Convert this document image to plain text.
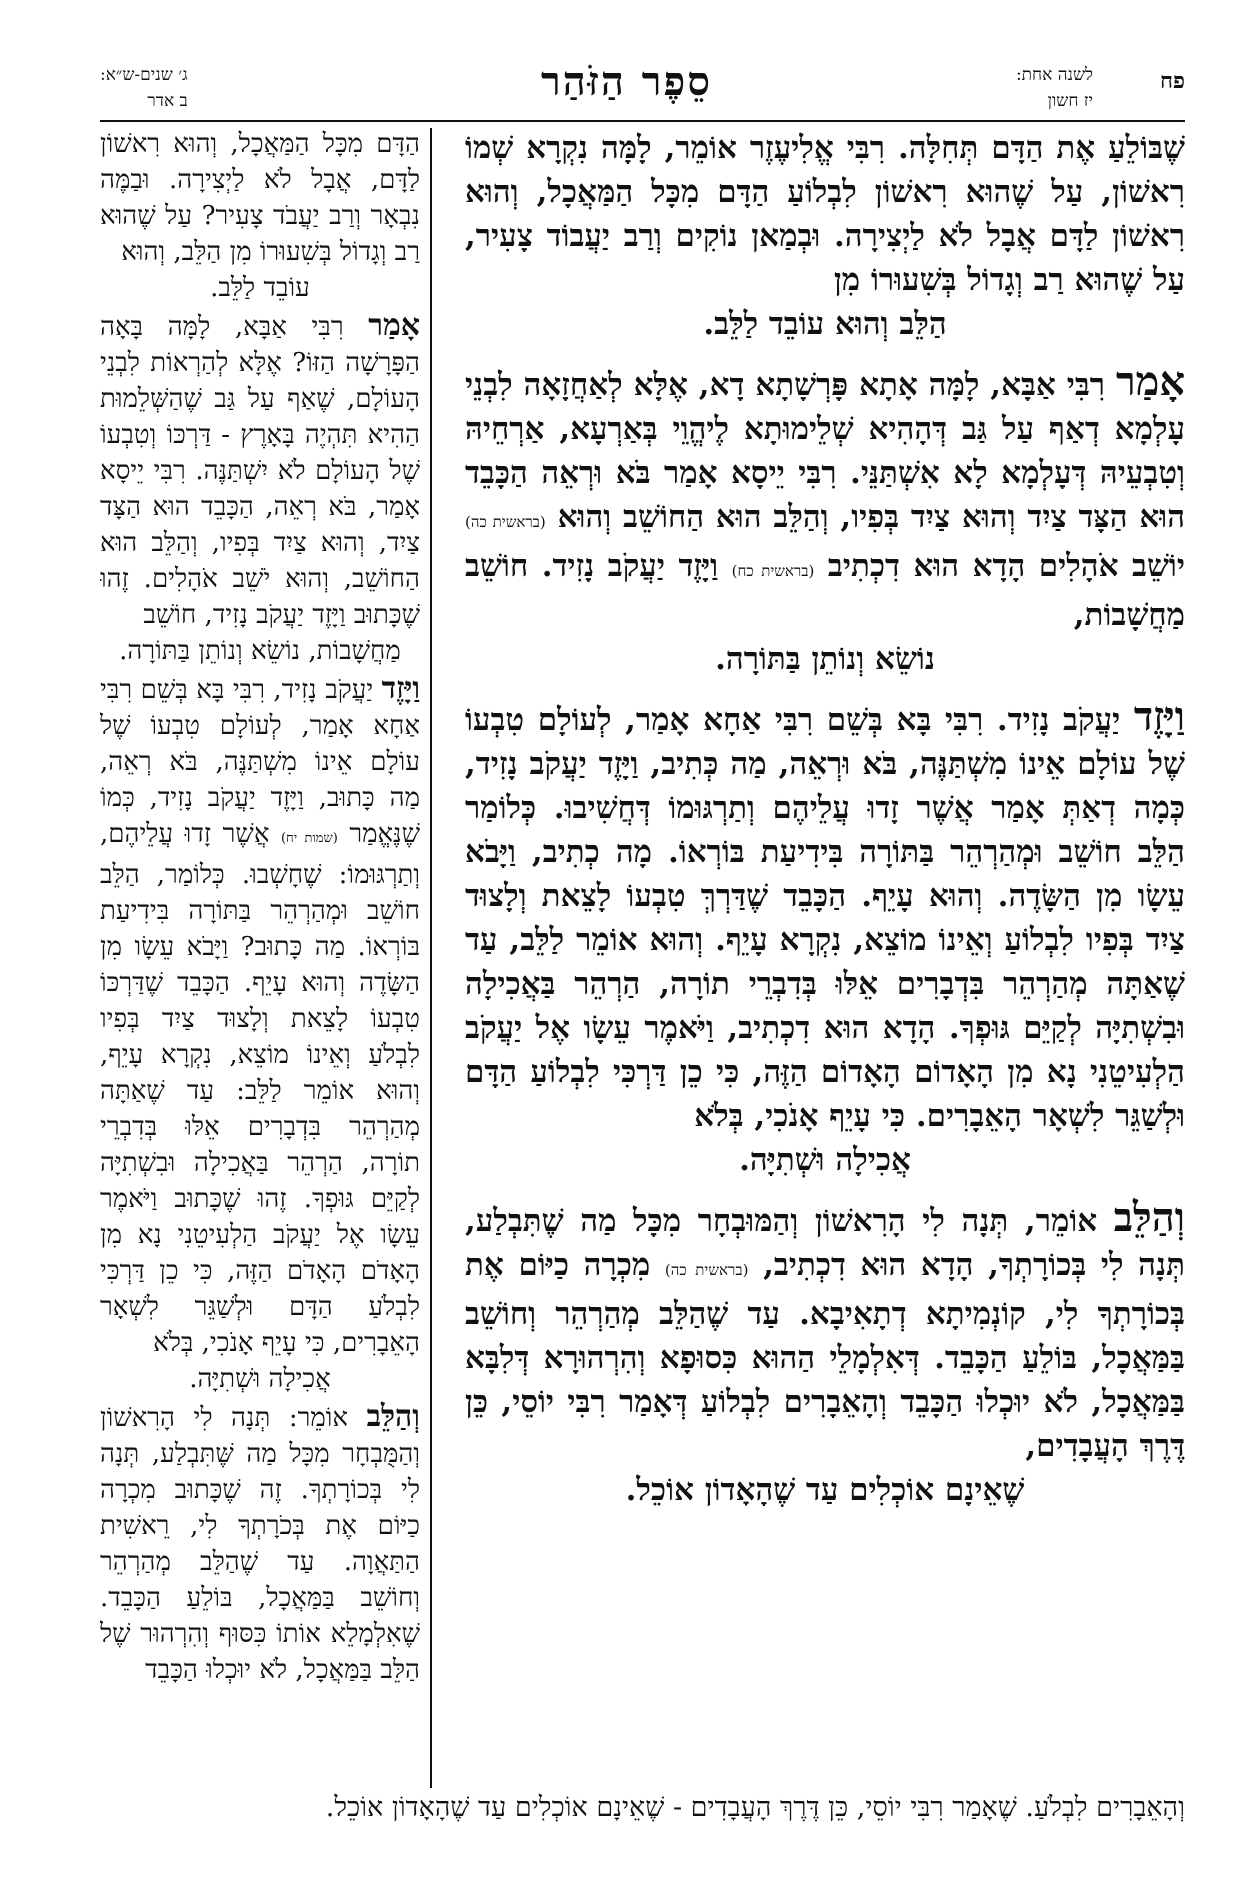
פח
לשנה אחת:
יז חשון
סֵפֶר הַזֹּהַר
ג׳ שנים-ש״א:
ב אדר

שֶׁבּוֹלֵעַ אֶת הַדָּם תְּחִלָּה. רִבִּי אֱלִיעֶזֶר אוֹמֵר, לָמָּה נִקְרָא שְׁמוֹ רִאשׁוֹן, עַל שֶׁהוּא רִאשׁוֹן לִבְלוֹעַ הַדָּם מִכָּל הַמַּאֲכָל, וְהוּא רִאשׁוֹן לַדָּם אֲבָל לֹא לַיְצִירָה. וּבְמַאן נוֹקִים וְרַב יַעֲבוֹד צָעִיר, עַל שֶׁהוּא רַב וְגָדוֹל בְּשִׁעוּרוֹ מִן
הַלֵּב וְהוּא עוֹבֵד לַלֵּב.

אָמַר רִבִּי אַבָּא, לָמָּה אָתָא פָּרְשָׁתָא דָא, אֶלָּא לְאַחֲזָאָה לִבְנֵי עָלְמָא דְאַף עַל גַּב דְּהָהִיא שְׁלֵימוּתָא לֶיהֱוֵי בְּאַרְעָא, אַרְחֵיהּ וְטִבְעֵיהּ דְּעָלְמָא לָא אִשְׁתַּנֵּי. רִבִּי יֵיסָא אָמַר בֹּא וּרְאֵה הַכָּבֵד הוּא הַצָּד צַיִד וְהוּא צַיִד בְּפִיו, וְהַלֵּב הוּא הַחוֹשֵׁב וְהוּא (בראשית כה) יוֹשֵׁב אֹהָלִים הָדָא הוּא דִכְתִיב (בראשית כח) וַיָּזֶד יַעֲקֹב נָזִיד. חוֹשֵׁב מַחֲשָׁבוֹת,
נוֹשֵׂא וְנוֹתֵן בַּתּוֹרָה.

וַיָּזֶד יַעֲקֹב נָזִיד. רִבִּי בָּא בְּשֵׁם רִבִּי אַחָא אָמַר, לְעוֹלָם טִבְעוֹ שֶׁל עוֹלָם אֵינוֹ מִשְׁתַּנֶּה, בֹּא וּרְאֵה, מַה כְּתִיב, וַיָּזֶד יַעֲקֹב נָזִיד, כְּמָה דְאַתְּ אָמַר אֲשֶׁר זָדוּ עֲלֵיהֶם וְתַרְגּוּמוֹ דְּחֲשִׁיבוּ. כְּלוֹמַר הַלֵּב חוֹשֵׁב וּמְהַרְהֵר בַּתּוֹרָה בִּידִיעַת בּוֹרְאוֹ. מָה כְתִיב, וַיָּבֹא עֵשָׂו מִן הַשָּׂדֶה. וְהוּא עָיֵף. הַכָּבֵד שֶׁדַּרְךְּ טִבְעוֹ לָצֵאת וְלָצוּד צַיִד בְּפִיו לִבְלוֹעַ וְאֵינוֹ מוֹצֵא, נִקְרָא עָיֵף. וְהוּא אוֹמֵר לַלֵּב, עַד שֶׁאַתָּה מְהַרְהֵר בִּדְבָרִים אֵלּוּ בְּדִבְרֵי תוֹרָה, הַרְהֵר בַּאֲכִילָה וּבִשְׁתִיָּה לְקַיֵּם גּוּפְךָ. הָדָא הוּא דִכְתִיב, וַיֹּאמֶר עֵשָׂו אֶל יַעֲקֹב הַלְעִיטֵנִי נָא מִן הָאָדוֹם הָאָדוֹם הַזֶּה, כִּי כֵן דַּרְכִּי לִבְלוֹעַ הַדָּם וּלְשַׁגֵּר לִשְׁאָר הָאֵבָרִים. כִּי עָיֵף אָנֹכִי, בְּלֹא
אֲכִילָה וּשְׁתִיָּה.

וְהַלֵּב אוֹמֵר, תְּנָה לִי הָרִאשׁוֹן וְהַמּוּבְחָר מִכָּל מַה שֶׁתִּבְלַע, תְּנָה לִי בְּכוֹרָתְךָ, הָדָא הוּא דִכְתִיב, (בראשית כה) מִכְרָה כַיּוֹם אֶת בְּכוֹרָתְךָ לִי, קוֹנְמִיתָא דְתָאִיבָא. עַד שֶׁהַלֵּב מְהַרְהֵר וְחוֹשֵׁב בַּמַּאֲכָל, בּוֹלֵעַ הַכָּבֵד. דְּאִלְמָלֵי הַהוּא כִּסוּפָא וְהִרְהוּרָא דְּלִבָּא בַּמַּאֲכָל, לֹא יוּכְלוּ הַכָּבֵד וְהָאֵבָרִים לִבְלוֹעַ דְּאָמַר רִבִּי יוֹסֵי, כֵּן דֶּרֶךְ הָעֲבָדִים,
שֶׁאֵינָם אוֹכְלִים עַד שֶׁהָאָדוֹן אוֹכֵל.

הַדָּם מִכָּל הַמַּאֲכָל, וְהוּא רִאשׁוֹן לַדָּם, אֲבָל לֹא לַיְצִירָה. וּבַמֶּה נִבְאָר וְרַב יַעֲבֹד צָעִיר? עַל שֶׁהוּא רַב וְגָדוֹל בְּשִׁעוּרוֹ מִן הַלֵּב, וְהוּא
עוֹבֵד לַלֵּב.

אָמַר רִבִּי אַבָּא, לָמָּה בָּאָה הַפָּרָשָׁה הַזּוֹ? אֶלָּא לְהַרְאוֹת לִבְנֵי הָעוֹלָם, שֶׁאַף עַל גַּב שֶׁהַשְּׁלֵמוּת הַהִיא תִּהְיֶה בָּאָרֶץ - דַּרְכּוֹ וְטִבְעוֹ שֶׁל הָעוֹלָם לֹא יִשְׁתַּנֶּה. רִבִּי יֵיסָא אָמַר, בֹּא רְאֵה, הַכָּבֵד הוּא הַצָּד צַיִד, וְהוּא צַיִד בְּפִיו, וְהַלֵּב הוּא הַחוֹשֵׁב, וְהוּא יֹשֵׁב אֹהָלִים. זֶהוּ שֶׁכָּתוּב וַיָּזֶד יַעֲקֹב נָזִיד, חוֹשֵׁב
מַחֲשָׁבוֹת, נוֹשֵׂא וְנוֹתֵן בַּתּוֹרָה.

וַיָּזֶד יַעֲקֹב נָזִיד, רִבִּי בָּא בְּשֵׁם רִבִּי אַחָא אָמַר, לְעוֹלָם טִבְעוֹ שֶׁל עוֹלָם אֵינוֹ מִשְׁתַּנֶּה, בֹּא רְאֵה, מַה כָּתוּב, וַיָּזֶד יַעֲקֹב נָזִיד, כְּמוֹ שֶׁנֶּאֱמַר (שמות יח) אֲשֶׁר זָדוּ עֲלֵיהֶם, וְתַרְגּוּמוֹ: שֶׁחָשְׁבוּ. כְּלוֹמַר, הַלֵּב חוֹשֵׁב וּמְהַרְהֵר בַּתּוֹרָה בִּידִיעַת בּוֹרְאוֹ. מַה כָּתוּב? וַיָּבֹא עֵשָׂו מִן הַשָּׂדֶה וְהוּא עָיֵף. הַכָּבֵד שֶׁדַּרְכּוֹ טִבְעוֹ לָצֵאת וְלָצוּד צַיִד בְּפִיו לִבְלֹעַ וְאֵינוֹ מוֹצֵא, נִקְרָא עָיֵף, וְהוּא אוֹמֵר לַלֵּב: עַד שֶׁאַתָּה מְהַרְהֵר בִּדְבָרִים אֵלּוּ בְּדִבְרֵי תוֹרָה, הַרְהֵר בַּאֲכִילָה וּבִשְׁתִיָּה לְקַיֵּם גּוּפְךָ. זֶהוּ שֶׁכָּתוּב וַיֹּאמֶר עֵשָׂו אֶל יַעֲקֹב הַלְעִיטֵנִי נָא מִן הָאָדֹם הָאָדֹם הַזֶּה, כִּי כֵן דַּרְכִּי לִבְלֹעַ הַדָּם וּלְשַׁגֵּר לִשְׁאָר הָאֵבָרִים, כִּי עָיֵף אָנֹכִי, בְּלֹא
אֲכִילָה וּשְׁתִיָּה.

וְהַלֵּב אוֹמֵר: תְּנָה לִי הָרִאשׁוֹן וְהַמֻּבְחָר מִכָּל מַה שֶּׁתִּבְלַע, תְּנָה לִי בְּכוֹרָתְךָ. זֶה שֶׁכָּתוּב מִכְרָה כַיּוֹם אֶת בְּכֹרָתְךָ לִי, רֵאשִׁית הַתַּאֲוָה. עַד שֶׁהַלֵּב מְהַרְהֵר וְחוֹשֵׁב בַּמַּאֲכָל, בּוֹלֵעַ הַכָּבֵד. שֶׁאִלְמָלֵא אוֹתוֹ כִּסּוּף וְהִרְהוּר שֶׁל הַלֵּב בַּמַּאֲכָל, לֹא יוּכְלוּ הַכָּבֵד

וְהָאֵבָרִים לִבְלֹעַ. שֶׁאָמַר רִבִּי יוֹסֵי, כֵּן דֶּרֶךְ הָעֲבָדִים - שֶׁאֵינָם אוֹכְלִים עַד שֶׁהָאָדוֹן אוֹכֵל.
